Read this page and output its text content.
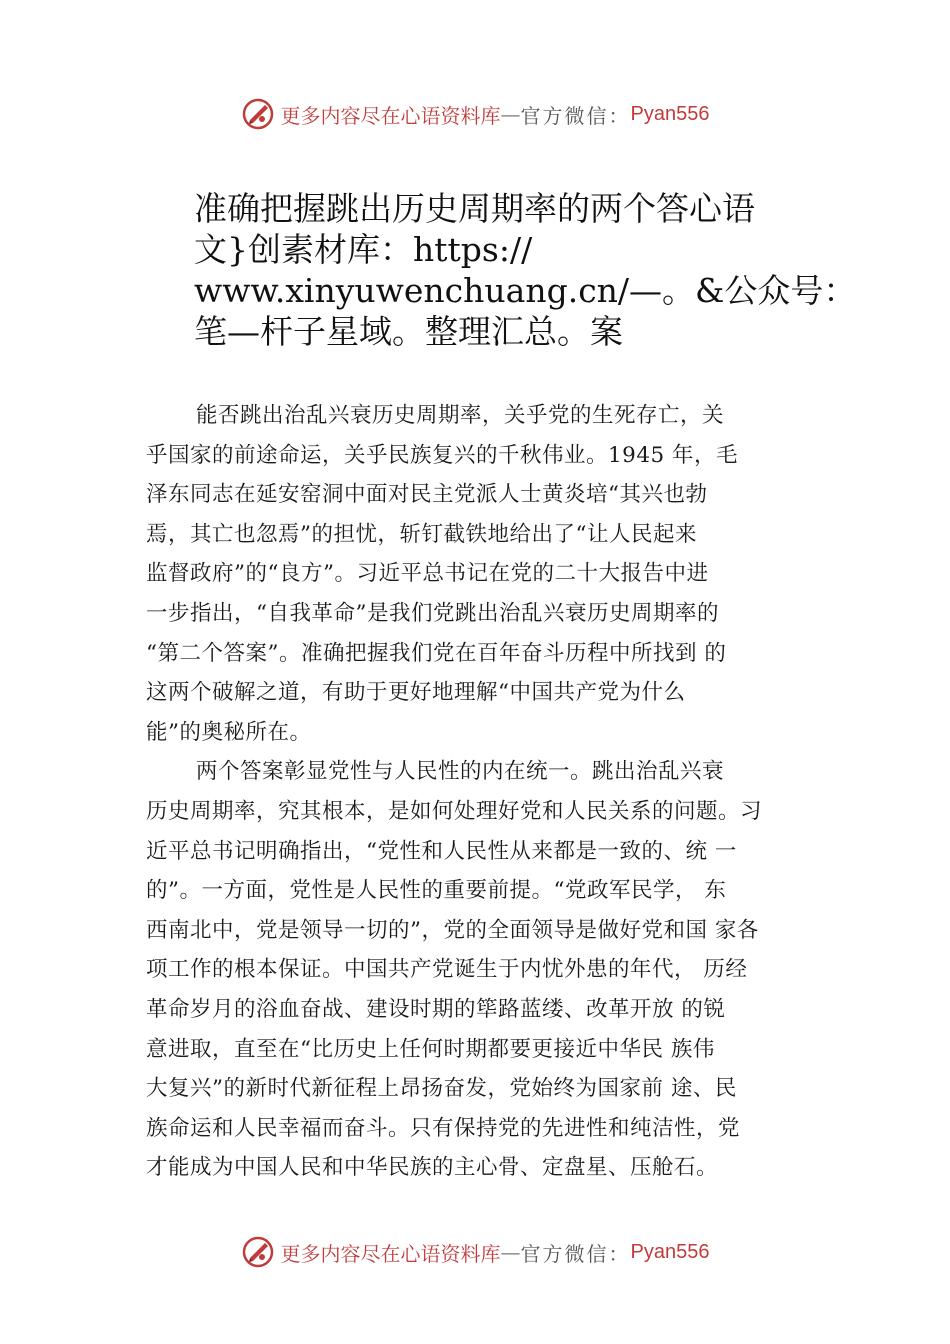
更多内容尽在心语资料库 — 官方微信： Pyan556
准确把握跳出历史周期率的两个答心语
文}创素材库：https://
www.xinyuwenchuang.cn/—。&公众号：
笔—杆子星域。整理汇总。案
能否跳出治乱兴衰历史周期率，关乎党的生死存亡，关
乎国家的前途命运，关乎民族复兴的千秋伟业。1945 年，毛
泽东同志在延安窑洞中面对民主党派人士黄炎培“其兴也勃
焉，其亡也忽焉”的担忧，斩钉截铁地给出了“让人民起来
监督政府”的“良方”。习近平总书记在党的二十大报告中进
一步指出，“自我革命”是我们党跳出治乱兴衰历史周期率的
“第二个答案”。准确把握我们党在百年奋斗历程中所找到 的
这两个破解之道，有助于更好地理解“中国共产党为什么
能”的奥秘所在。
两个答案彰显党性与人民性的内在统一。跳出治乱兴衰
历史周期率，究其根本，是如何处理好党和人民关系的问题。习
近平总书记明确指出，“党性和人民性从来都是一致的、统 一
的”。一方面，党性是人民性的重要前提。“党政军民学， 东
西南北中，党是领导一切的”，党的全面领导是做好党和国 家各
项工作的根本保证。中国共产党诞生于内忧外患的年代， 历经
革命岁月的浴血奋战、建设时期的筚路蓝缕、改革开放 的锐
意进取，直至在“比历史上任何时期都要更接近中华民 族伟
大复兴”的新时代新征程上昂扬奋发，党始终为国家前 途、民
族命运和人民幸福而奋斗。只有保持党的先进性和纯洁性，党
才能成为中国人民和中华民族的主心骨、定盘星、压舱石。
更多内容尽在心语资料库 — 官方微信： Pyan556
